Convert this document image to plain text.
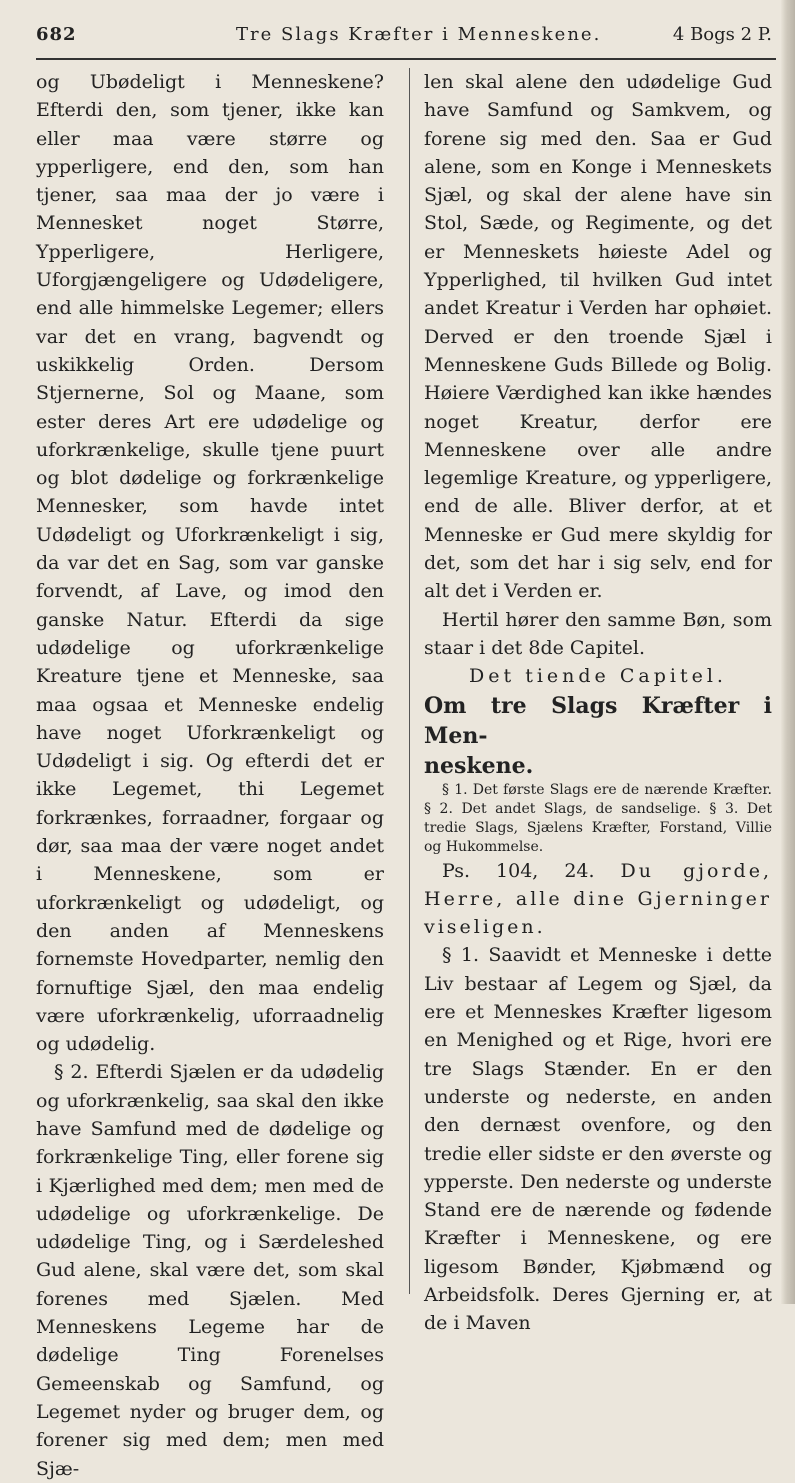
682	Tre Slags Kræfter i Menneskene.	4 Bogs 2 P.

og Ubødeligt i Menneskene? Efterdi den, som tjener, ikke kan eller maa være større og ypperligere, end den, som han tjener, saa maa der jo være i Mennesket noget Større, Ypperligere, Herligere, Uforgjængeligere og Udødeligere, end alle himmelske Legemer; ellers var det en vrang, bagvendt og uskikkelig Orden. Dersom Stjernerne, Sol og Maane, som ester deres Art ere udødelige og uforkrænkelige, skulle tjene puurt og blot dødelige og forkrænkelige Mennesker, som havde intet Udødeligt og Uforkrænkeligt i sig, da var det en Sag, som var ganske forvendt, af Lave, og imod den ganske Natur. Efterdi da sige udødelige og uforkrænkelige Kreature tjene et Menneske, saa maa ogsaa et Menneske endelig have noget Uforkrænkeligt og Udødeligt i sig. Og efterdi det er ikke Legemet, thi Legemet forkrænkes, forraadner, forgaar og dør, saa maa der være noget andet i Menneskene, som er uforkrænkeligt og udødeligt, og den anden af Menneskens fornemste Hovedparter, nemlig den fornuftige Sjæl, den maa endelig være uforkrænkelig, uforraadnelig og udødelig.

§ 2. Efterdi Sjælen er da udødelig og uforkrænkelig, saa skal den ikke have Samfund med de dødelige og forkrænkelige Ting, eller forene sig i Kjærlighed med dem; men med de udødelige og uforkrænkelige. De udødelige Ting, og i Særdeleshed Gud alene, skal være det, som skal forenes med Sjælen. Med Menneskens Legeme har de dødelige Ting Forenelses Gemeenskab og Samfund, og Legemet nyder og bruger dem, og forener sig med dem; men med Sjæ-

len skal alene den udødelige Gud have Samfund og Samkvem, og forene sig med den. Saa er Gud alene, som en Konge i Menneskets Sjæl, og skal der alene have sin Stol, Sæde, og Regimente, og det er Menneskets høieste Adel og Ypperlighed, til hvilken Gud intet andet Kreatur i Verden har ophøiet. Derved er den troende Sjæl i Menneskene Guds Billede og Bolig. Høiere Værdighed kan ikke hændes noget Kreatur, derfor ere Menneskene over alle andre legemlige Kreature, og ypperligere, end de alle. Bliver derfor, at et Menneske er Gud mere skyldig for det, som det har i sig selv, end for alt det i Verden er.

Hertil hører den samme Bøn, som staar i det 8de Capitel.

Det tiende Capitel.

Om tre Slags Kræfter i Men-

neskene.

§ 1. Det første Slags ere de nærende Kræfter. § 2. Det andet Slags, de sandselige. § 3. Det tredie Slags, Sjælens Kræfter, Forstand, Villie og Hukommelse.

Ps. 104, 24. Du gjorde, Herre, alle dine Gjerninger viseligen.

§ 1. Saavidt et Menneske i dette Liv bestaar af Legem og Sjæl, da ere et Menneskes Kræfter ligesom en Menighed og et Rige, hvori ere tre Slags Stænder. En er den underste og nederste, en anden den dernæst ovenfore, og den tredie eller sidste er den øverste og ypperste. Den nederste og underste Stand ere de nærende og fødende Kræfter i Menneskene, og ere ligesom Bønder, Kjøbmænd og Arbeidsfolk. Deres Gjerning er, at de i Maven
